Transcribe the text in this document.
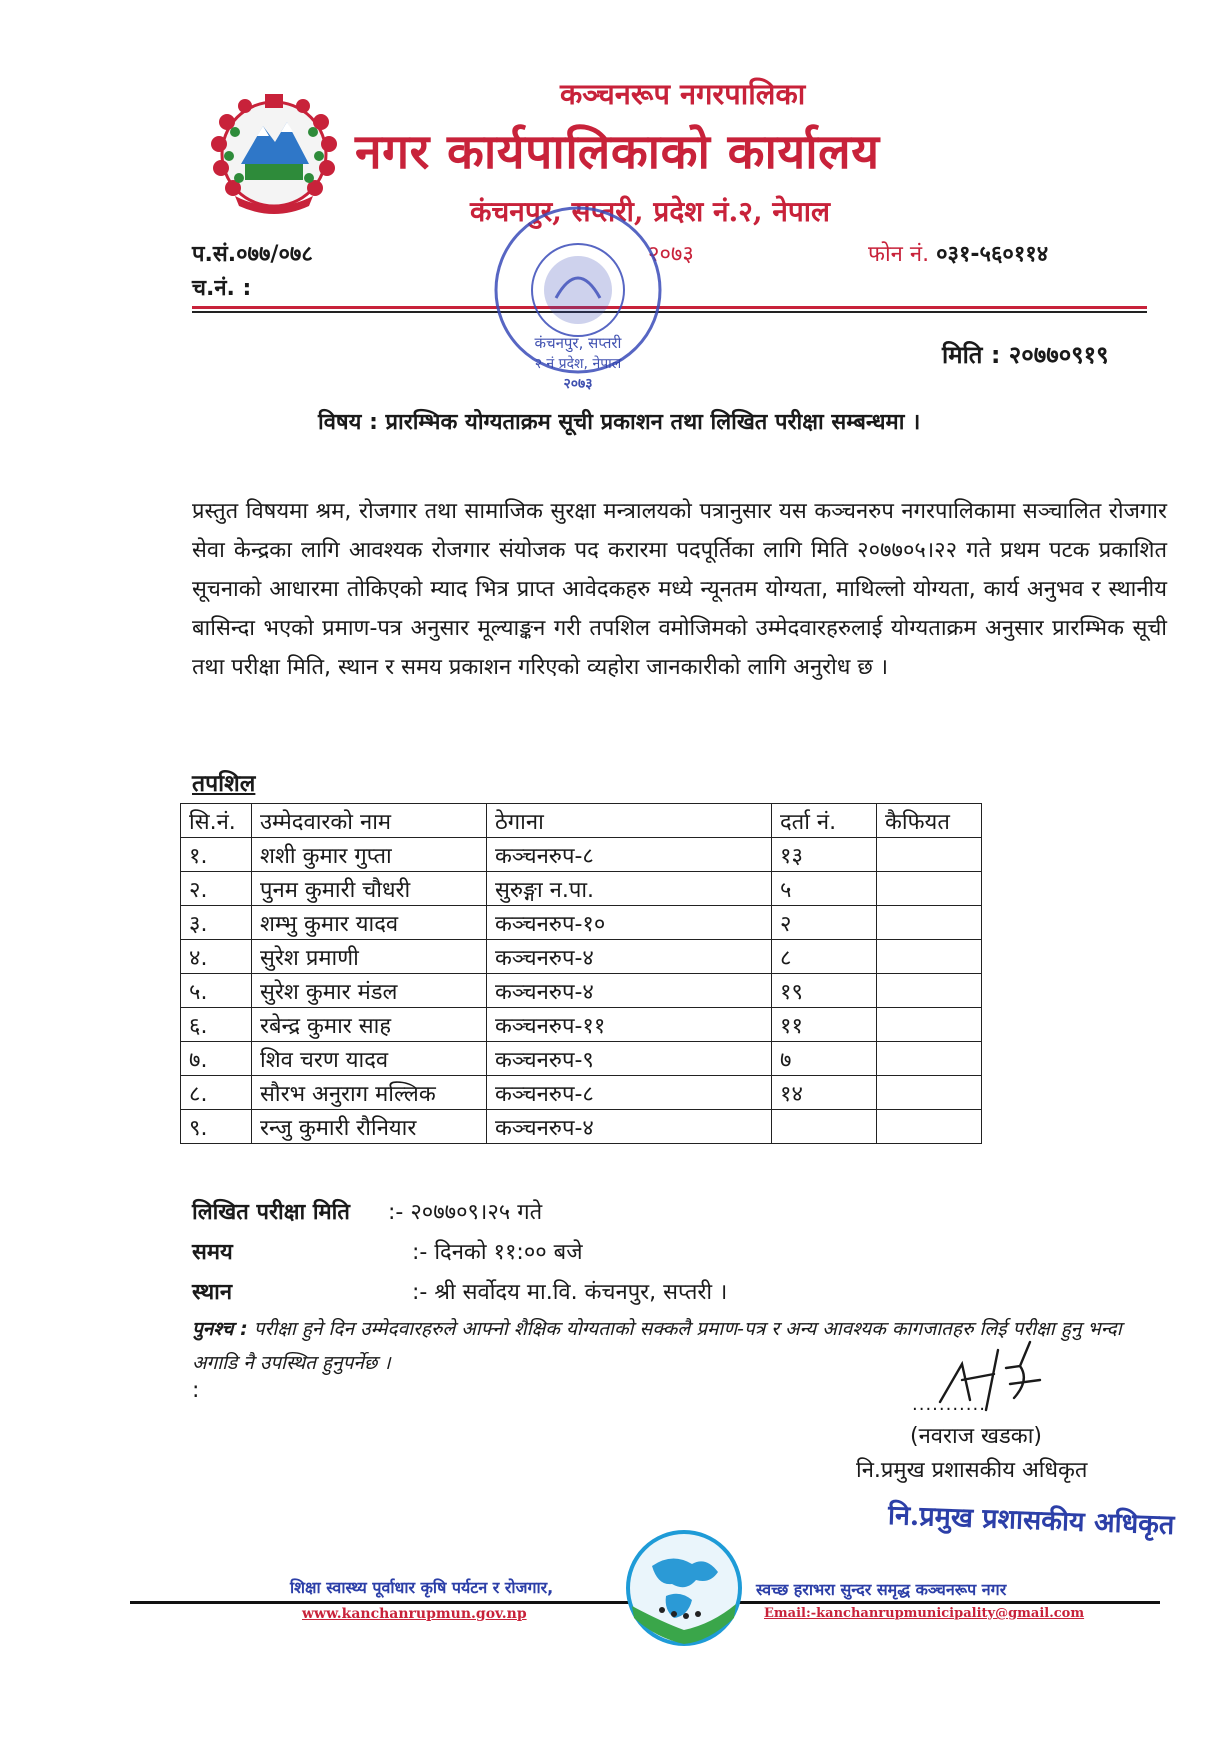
कञ्चनरूप नगरपालिका
नगर कार्यपालिकाको कार्यालय
कंचनपुर, सप्तरी, प्रदेश नं.२, नेपाल
२०७३
प.सं.०७७/०७८
च.नं. :
फोन नं. ०३१-५६०११४
कंचनपुर, सप्तरी
२ नं प्रदेश, नेपाल
२०७३
मिति : २०७७०९१९
विषय : प्रारम्भिक योग्यताक्रम सूची प्रकाशन तथा लिखित परीक्षा सम्बन्धमा ।
प्रस्तुत विषयमा श्रम, रोजगार तथा सामाजिक सुरक्षा मन्त्रालयको पत्रानुसार यस कञ्चनरुप नगरपालिकामा सञ्चालित रोजगार सेवा केन्द्रका लागि आवश्यक रोजगार संयोजक पद करारमा पदपूर्तिका लागि मिति २०७७०५।२२ गते प्रथम पटक प्रकाशित सूचनाको आधारमा तोकिएको म्याद भित्र प्राप्त आवेदकहरु मध्ये न्यूनतम योग्यता, माथिल्लो योग्यता, कार्य अनुभव र स्थानीय बासिन्दा भएको प्रमाण-पत्र अनुसार मूल्याङ्कन गरी तपशिल वमोजिमको उम्मेदवारहरुलाई योग्यताक्रम अनुसार प्रारम्भिक सूची तथा परीक्षा मिति, स्थान र समय प्रकाशन गरिएको व्यहोरा जानकारीको लागि अनुरोध छ ।
तपशिल
सि.नं.	उम्मेदवारको नाम	ठेगाना	दर्ता नं.	कैफियत
१.	शशी कुमार गुप्ता	कञ्चनरुप-८	१३	
२.	पुनम कुमारी चौधरी	सुरुङ्गा न.पा.	५	
३.	शम्भु कुमार यादव	कञ्चनरुप-१०	२	
४.	सुरेश प्रमाणी	कञ्चनरुप-४	८	
५.	सुरेश कुमार मंडल	कञ्चनरुप-४	१९	
६.	रबेन्द्र कुमार साह	कञ्चनरुप-११	११	
७.	शिव चरण यादव	कञ्चनरुप-९	७	
८.	सौरभ अनुराग मल्लिक	कञ्चनरुप-८	१४	
९.	रन्जु कुमारी रौनियार	कञ्चनरुप-४		
लिखित परीक्षा मिति :- २०७७०९।२५ गते
समय	:- दिनको ११:०० बजे
स्थान	:- श्री सर्वोदय मा.वि. कंचनपुर, सप्तरी ।
पुनश्च : परीक्षा हुने दिन उम्मेदवारहरुले आफ्नो शैक्षिक योग्यताको सक्कलै प्रमाण-पत्र र अन्य आवश्यक कागजातहरु लिई परीक्षा हुनु भन्दा अगाडि नै उपस्थित हुनुपर्नेछ ।
:
...........
(नवराज खडका)
नि.प्रमुख प्रशासकीय अधिकृत
नि.प्रमुख प्रशासकीय अधिकृत
शिक्षा स्वास्थ्य पूर्वाधार कृषि पर्यटन र रोजगार,	स्वच्छ हराभरा सुन्दर समृद्ध कञ्चनरूप नगर
www.kanchanrupmun.gov.np	Email:-kanchanrupmunicipality@gmail.com
